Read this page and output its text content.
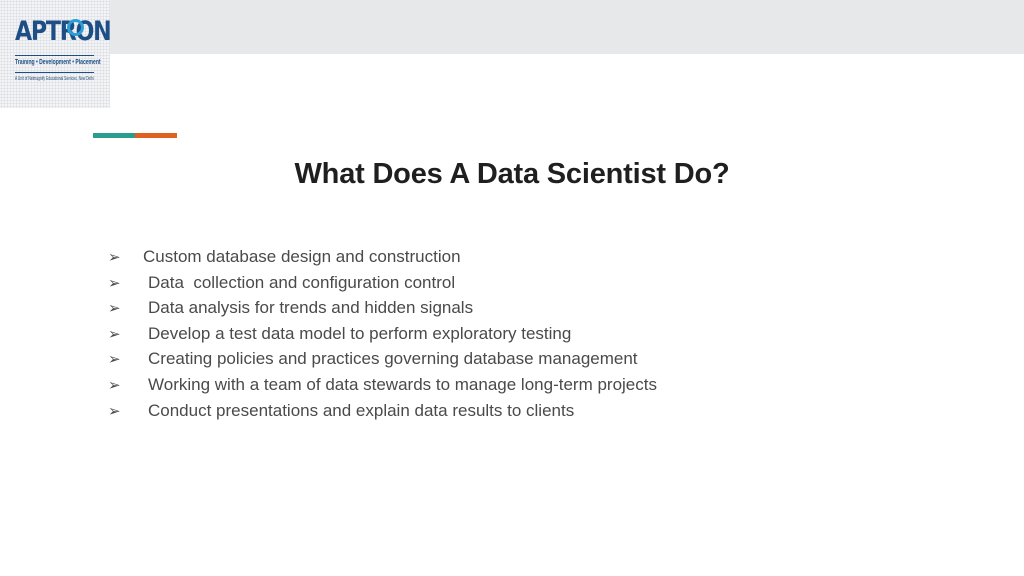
APTRON
Training • Development • Placement
A Unit of Netmagnify Educational Services, New Delhi
What Does A Data Scientist Do?
➢ Custom database design and construction
➢ Data  collection and configuration control
➢ Data analysis for trends and hidden signals
➢ Develop a test data model to perform exploratory testing
➢ Creating policies and practices governing database management
➢ Working with a team of data stewards to manage long-term projects
➢ Conduct presentations and explain data results to clients
